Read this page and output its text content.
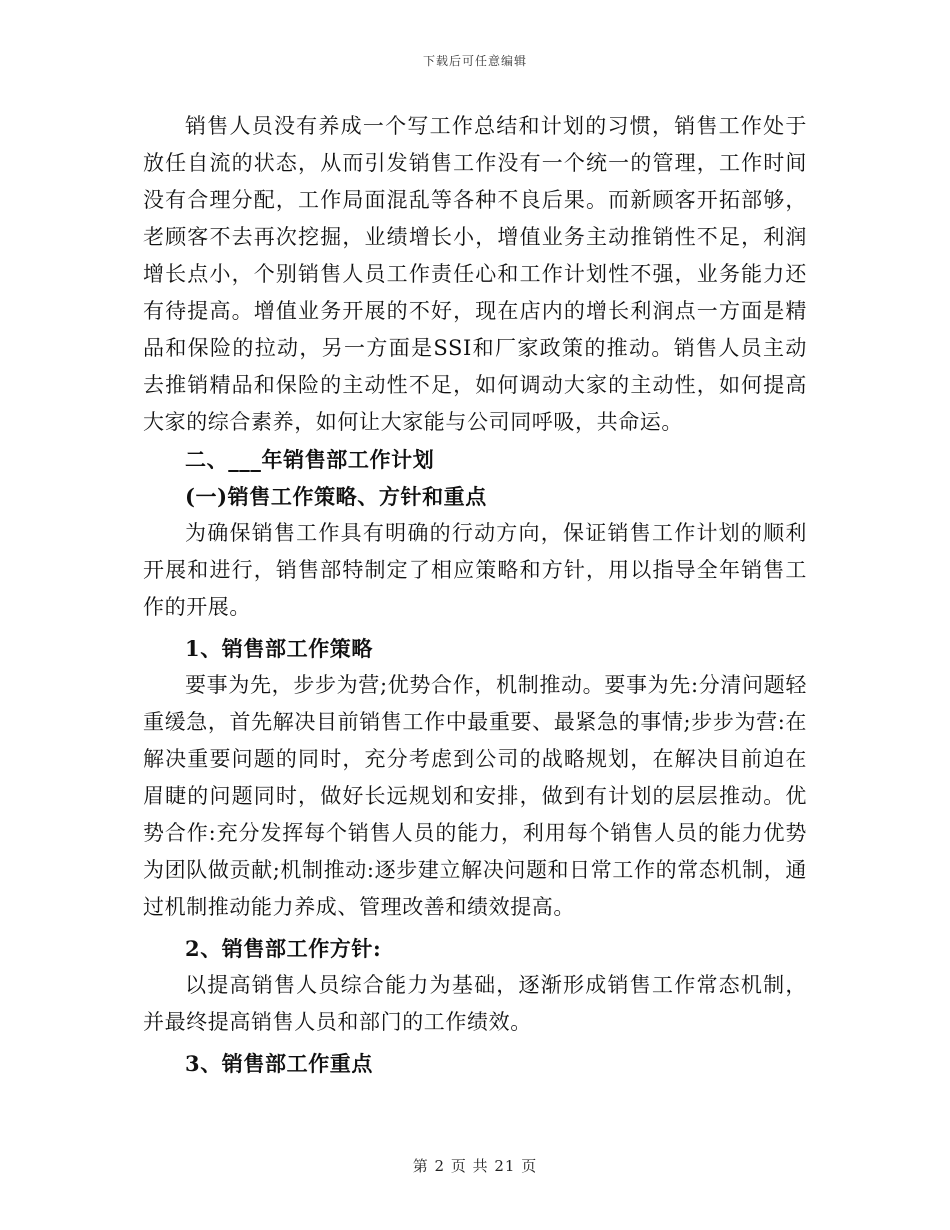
下载后可任意编辑

销售人员没有养成一个写工作总结和计划的习惯，销售工作处于放任自流的状态，从而引发销售工作没有一个统一的管理，工作时间没有合理分配，工作局面混乱等各种不良后果。而新顾客开拓部够，老顾客不去再次挖掘，业绩增长小，增值业务主动推销性不足，利润增长点小，个别销售人员工作责任心和工作计划性不强，业务能力还有待提高。增值业务开展的不好，现在店内的增长利润点一方面是精品和保险的拉动，另一方面是SSI和厂家政策的推动。销售人员主动去推销精品和保险的主动性不足，如何调动大家的主动性，如何提高大家的综合素养，如何让大家能与公司同呼吸，共命运。

二、___年销售部工作计划

(一)销售工作策略、方针和重点

为确保销售工作具有明确的行动方向，保证销售工作计划的顺利开展和进行，销售部特制定了相应策略和方针，用以指导全年销售工作的开展。

1、销售部工作策略

要事为先，步步为营;优势合作，机制推动。要事为先:分清问题轻重缓急，首先解决目前销售工作中最重要、最紧急的事情;步步为营:在解决重要问题的同时，充分考虑到公司的战略规划，在解决目前迫在眉睫的问题同时，做好长远规划和安排，做到有计划的层层推动。优势合作:充分发挥每个销售人员的能力，利用每个销售人员的能力优势为团队做贡献;机制推动:逐步建立解决问题和日常工作的常态机制，通过机制推动能力养成、管理改善和绩效提高。

2、销售部工作方针:

以提高销售人员综合能力为基础，逐渐形成销售工作常态机制，并最终提高销售人员和部门的工作绩效。

3、销售部工作重点

第 2 页 共 21 页
